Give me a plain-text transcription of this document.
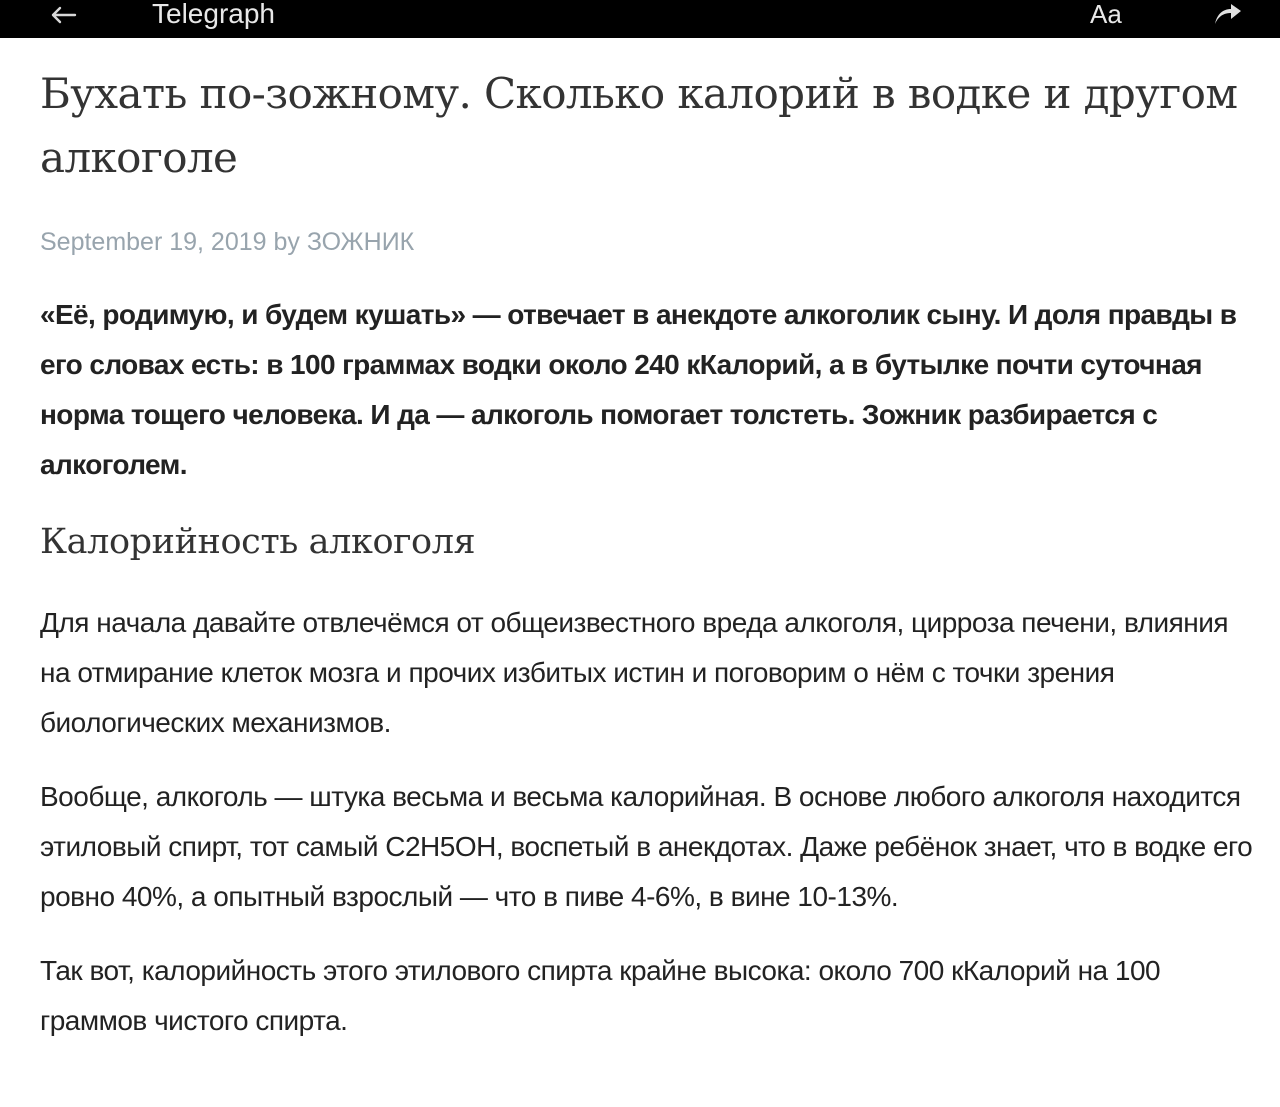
Telegraph	Aa
Бухать по-зожному. Сколько калорий в водке и другом алкоголе
September 19, 2019 by ЗОЖНИК
«Её, родимую, и будем кушать» — отвечает в анекдоте алкоголик сыну. И доля правды в его словах есть: в 100 граммах водки около 240 кКалорий, а в бутылке почти суточная норма тощего человека. И да — алкоголь помогает толстеть. Зожник разбирается с алкоголем.
Калорийность алкоголя

Для начала давайте отвлечёмся от общеизвестного вреда алкоголя, цирроза печени, влияния на отмирание клеток мозга и прочих избитых истин и поговорим о нём с точки зрения биологических механизмов.

Вообще, алкоголь — штука весьма и весьма калорийная. В основе любого алкоголя находится этиловый спирт, тот самый C2H5OH, воспетый в анекдотах. Даже ребёнок знает, что в водке его ровно 40%, а опытный взрослый — что в пиве 4-6%, в вине 10-13%.

Так вот, калорийность этого этилового спирта крайне высока: около 700 кКалорий на 100 граммов чистого спирта.
